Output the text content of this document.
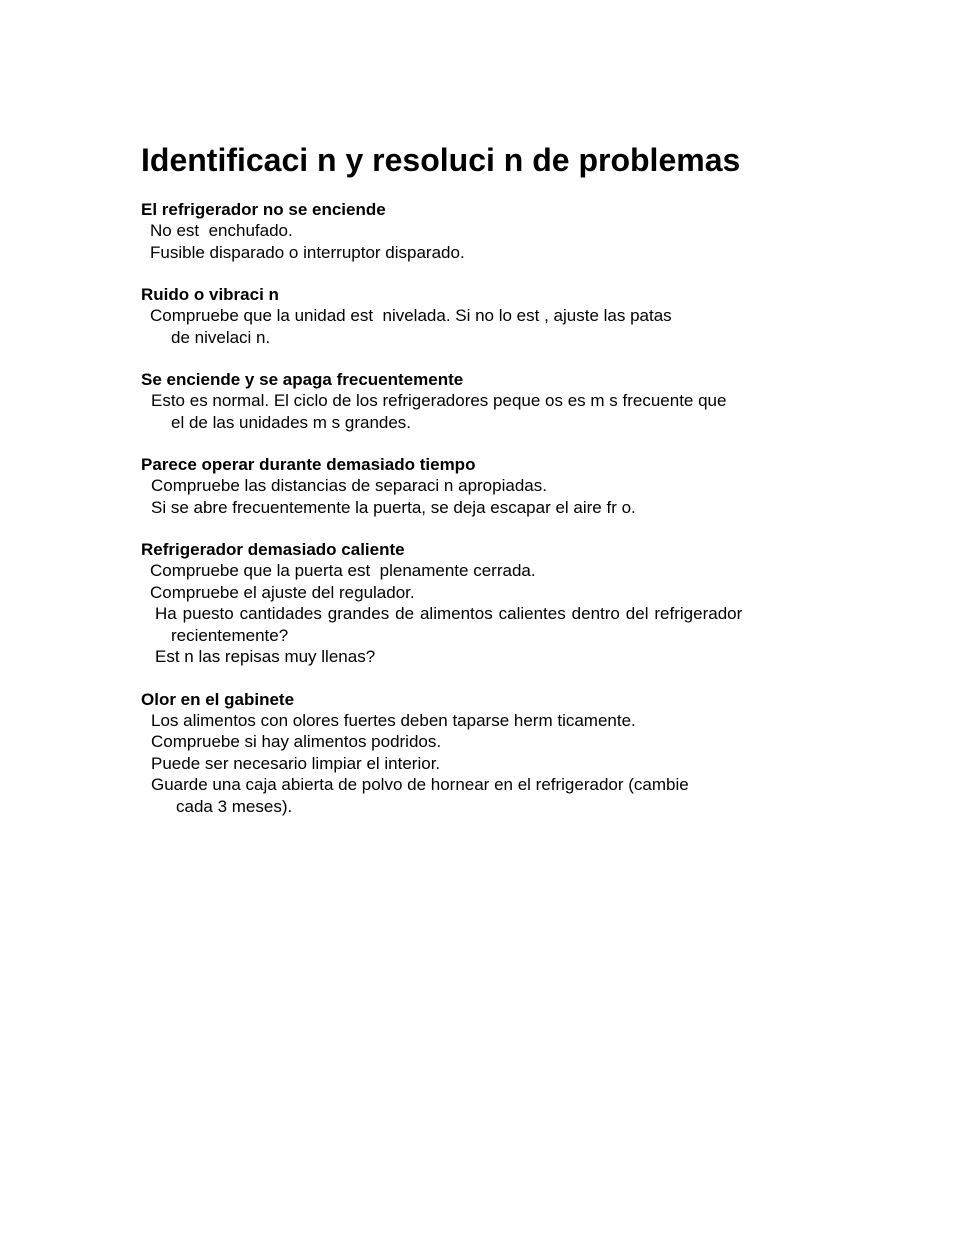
Identificaci n y resoluci n de problemas
El refrigerador no se enciende
No est  enchufado.
Fusible disparado o interruptor disparado.
Ruido o vibraci n
Compruebe que la unidad est  nivelada. Si no lo est , ajuste las patas
de nivelaci n.
Se enciende y se apaga frecuentemente
Esto es normal. El ciclo de los refrigeradores peque os es m s frecuente que
el de las unidades m s grandes.
Parece operar durante demasiado tiempo
Compruebe las distancias de separaci n apropiadas.
Si se abre frecuentemente la puerta, se deja escapar el aire fr o.
Refrigerador demasiado caliente
Compruebe que la puerta est  plenamente cerrada.
Compruebe el ajuste del regulador.
Ha puesto cantidades grandes de alimentos calientes dentro del refrigerador
recientemente?
Est n las repisas muy llenas?
Olor en el gabinete
Los alimentos con olores fuertes deben taparse herm ticamente.
Compruebe si hay alimentos podridos.
Puede ser necesario limpiar el interior.
Guarde una caja abierta de polvo de hornear en el refrigerador (cambie
cada 3 meses).
